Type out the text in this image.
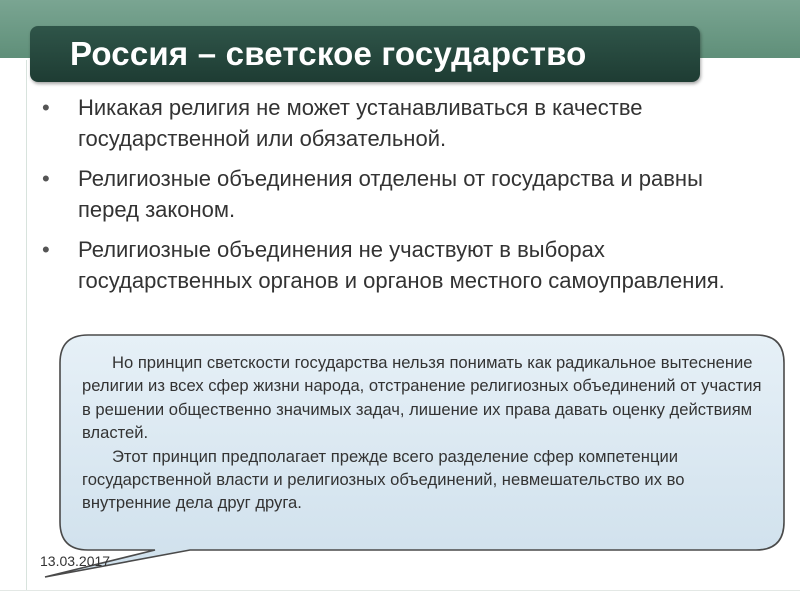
Россия – светское государство
• Никакая религия не может устанавливаться в качестве государственной или обязательной.
• Религиозные объединения отделены от государства и равны перед законом.
• Религиозные объединения не участвуют в выборах государственных органов и органов местного самоуправления.

Но принцип светскости государства нельзя понимать как радикальное вытеснение религии из всех сфер жизни народа, отстранение религиозных объединений от участия в решении общественно значимых задач, лишение их права давать оценку действиям властей.

Этот принцип предполагает прежде всего разделение сфер компетенции государственной власти и религиозных объединений, невмешательство их во внутренние дела друг друга.

13.03.2017
